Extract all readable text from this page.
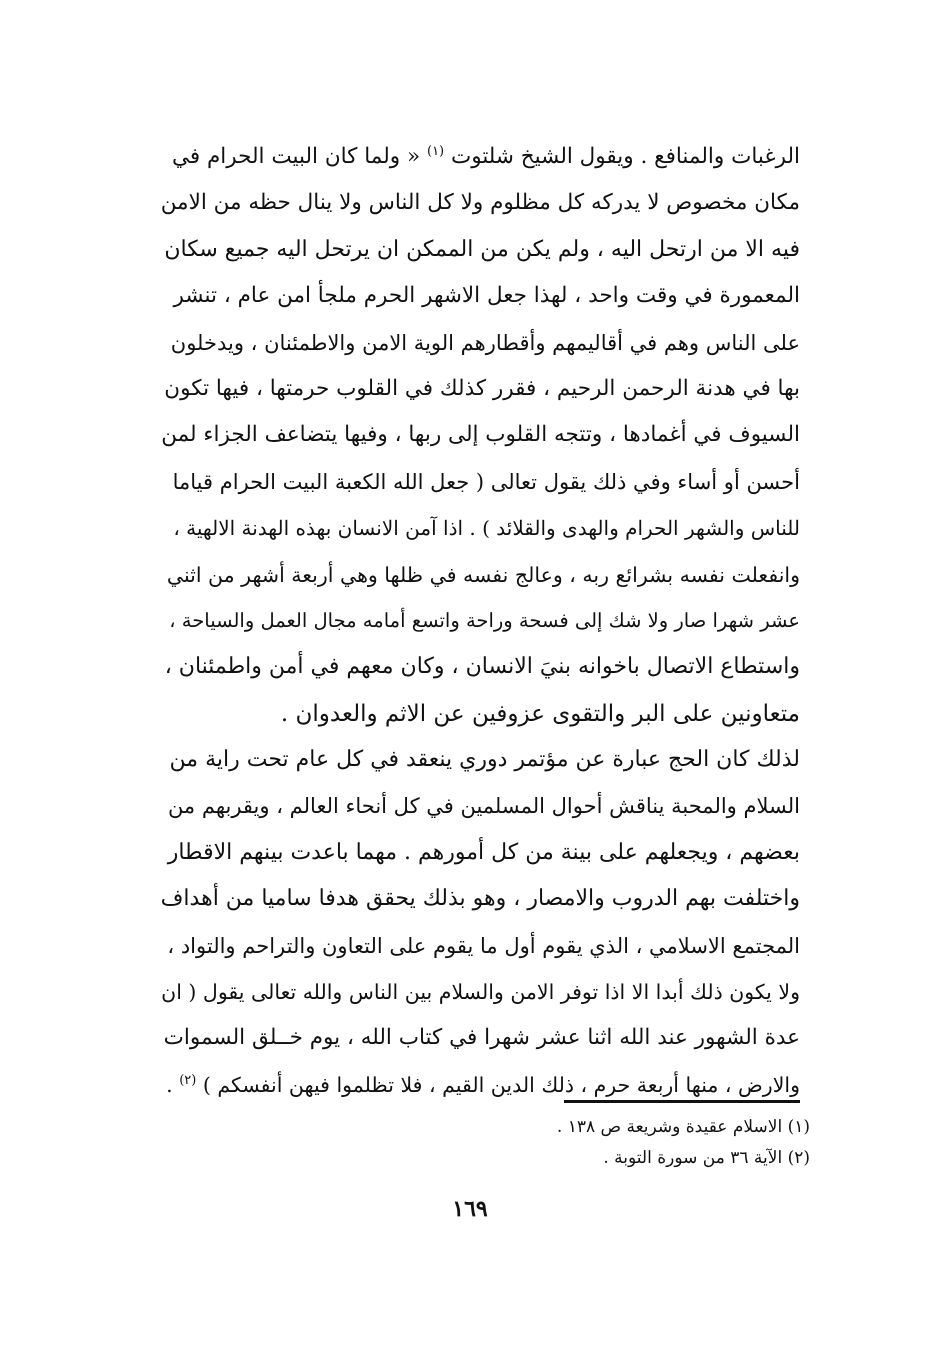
الرغبات والمنافع . ويقول الشيخ شلتوت $^{(١)}$ « ولما كان البيت الحرام في
مكان مخصوص لا يدركه كل مظلوم ولا كل الناس ولا ينال حظه من الامن
فيه الا من ارتحل اليه ، ولم يكن من الممكن ان يرتحل اليه جميع سكان
المعمورة في وقت واحد ، لهذا جعل الاشهر الحرم ملجأ امن عام ، تنشر
على الناس وهم في أقاليمهم وأقطارهم الوية الامن والاطمئنان ، ويدخلون
بها في هدنة الرحمن الرحيم ، فقرر كذلك في القلوب حرمتها ، فيها تكون
السيوف في أغمادها ، وتتجه القلوب إلى ربها ، وفيها يتضاعف الجزاء لمن
أحسن أو أساء وفي ذلك يقول تعالى ( جعل الله الكعبة البيت الحرام قياما
للناس والشهر الحرام والهدى والقلائد ) . اذا آمن الانسان بهذه الهدنة الالهية ،
وانفعلت نفسه بشرائع ربه ، وعالج نفسه في ظلها وهي أربعة أشهر من اثني
عشر شهرا صار ولا شك إلى فسحة وراحة واتسع أمامه مجال العمل والسياحة ،
واستطاع الاتصال باخوانه بنيَ الانسان ، وكان معهم في أمن واطمئنان ،
متعاونين على البر والتقوى عزوفين عن الاثم والعدوان .
لذلك كان الحج عبارة عن مؤتمر دوري ينعقد في كل عام تحت راية من
السلام والمحبة يناقش أحوال المسلمين في كل أنحاء العالم ، ويقربهم من
بعضهم ، ويجعلهم على بينة من كل أمورهم . مهما باعدت بينهم الاقطار
واختلفت بهم الدروب والامصار ، وهو بذلك يحقق هدفا ساميا من أهداف
المجتمع الاسلامي ، الذي يقوم أول ما يقوم على التعاون والتراحم والتواد ،
ولا يكون ذلك أبدا الا اذا توفر الامن والسلام بين الناس والله تعالى يقول ( ان
عدة الشهور عند الله اثنا عشر شهرا في كتاب الله ، يوم خــلق السموات
والارض ، منها أربعة حرم ، ذلك الدين القيم ، فلا تظلموا فيهن أنفسكم ) $^{(٢)}$ .
(١) الاسلام عقيدة وشريعة ص ١٣٨ .
(٢) الآية ٣٦ من سورة التوبة .
١٦٩
